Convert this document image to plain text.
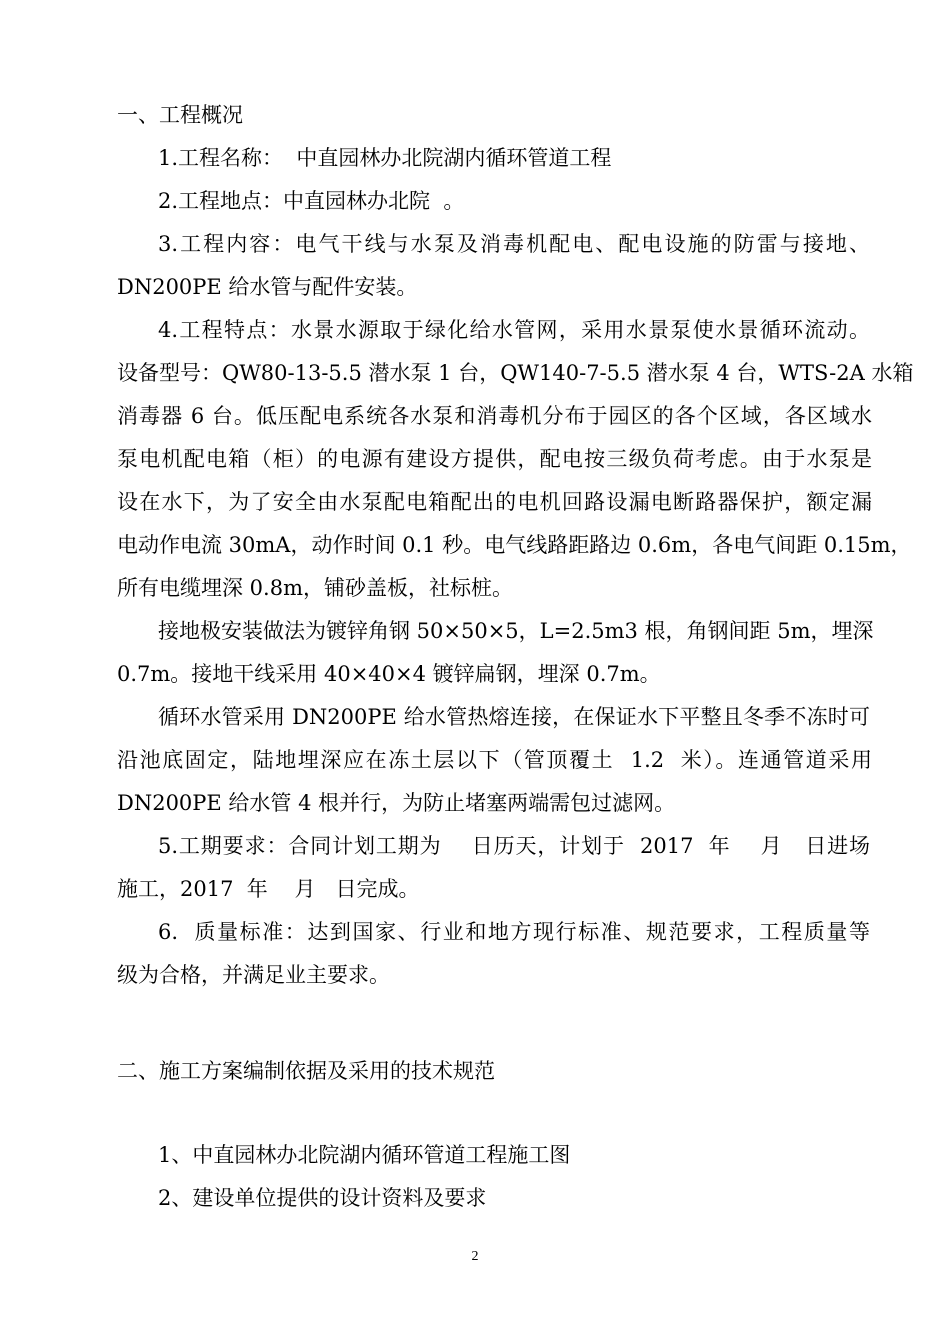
一、工程概况
1.工程名称：  中直园林办北院湖内循环管道工程
2.工程地点：中直园林办北院  。
3.工程内容：电气干线与水泵及消毒机配电、配电设施的防雷与接地、
DN200PE 给水管与配件安装。
4.工程特点：水景水源取于绿化给水管网，采用水景泵使水景循环流动。
设备型号：QW80-13-5.5 潜水泵 1 台，QW140-7-5.5 潜水泵 4 台，WTS-2A 水箱
消毒器 6 台。低压配电系统各水泵和消毒机分布于园区的各个区域，各区域水
泵电机配电箱（柜）的电源有建设方提供，配电按三级负荷考虑。由于水泵是
设在水下，为了安全由水泵配电箱配出的电机回路设漏电断路器保护，额定漏
电动作电流 30mA，动作时间 0.1 秒。电气线路距路边 0.6m，各电气间距 0.15m，
所有电缆埋深 0.8m，铺砂盖板，社标桩。
接地极安装做法为镀锌角钢 50×50×5，L=2.5m3 根，角钢间距 5m，埋深
0.7m。接地干线采用 40×40×4 镀锌扁钢，埋深 0.7m。
循环水管采用 DN200PE 给水管热熔连接，在保证水下平整且冬季不冻时可
沿池底固定，陆地埋深应在冻土层以下（管顶覆土  1.2  米）。连通管道采用
DN200PE 给水管 4 根并行，为防止堵塞两端需包过滤网。
5.工期要求：合同计划工期为    日历天，计划于  2017  年    月   日进场
施工，2017  年    月   日完成。
6.  质量标准：达到国家、行业和地方现行标准、规范要求，工程质量等
级为合格，并满足业主要求。
二、施工方案编制依据及采用的技术规范
1、中直园林办北院湖内循环管道工程施工图
2、建设单位提供的设计资料及要求
2
